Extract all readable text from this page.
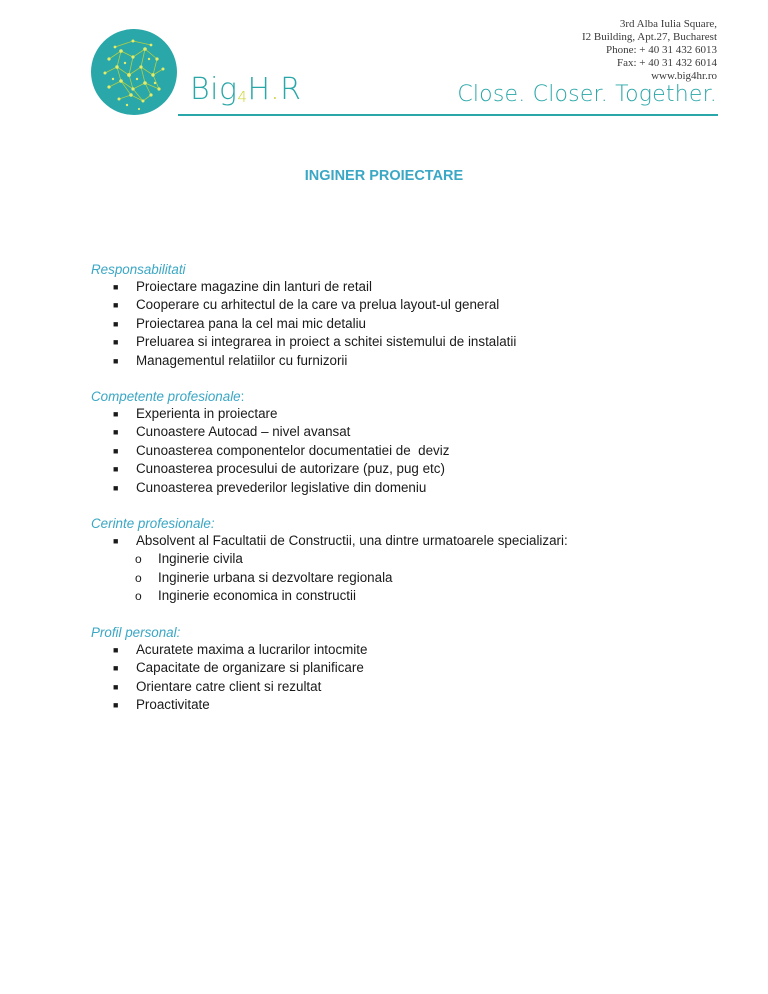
Big$_4$H.R
3rd Alba Iulia Square,
I2 Building, Apt.27, Bucharest
Phone: + 40 31 432 6013
Fax: + 40 31 432 6014
www.big4hr.ro
Close. Closer. Together.
INGINER PROIECTARE
Responsabilitati
■ Proiectare magazine din lanturi de retail
■ Cooperare cu arhitectul de la care va prelua layout-ul general
■ Proiectarea pana la cel mai mic detaliu
■ Preluarea si integrarea in proiect a schitei sistemului de instalatii
■ Managementul relatiilor cu furnizorii
Competente profesionale:
■ Experienta in proiectare
■ Cunoastere Autocad – nivel avansat
■ Cunoasterea componentelor documentatiei de  deviz
■ Cunoasterea procesului de autorizare (puz, pug etc)
■ Cunoasterea prevederilor legislative din domeniu
Cerinte profesionale:
■ Absolvent al Facultatii de Constructii, una dintre urmatoarele specializari:
o Inginerie civila
o Inginerie urbana si dezvoltare regionala
o Inginerie economica in constructii
Profil personal:
■ Acuratete maxima a lucrarilor intocmite
■ Capacitate de organizare si planificare
■ Orientare catre client si rezultat
■ Proactivitate
